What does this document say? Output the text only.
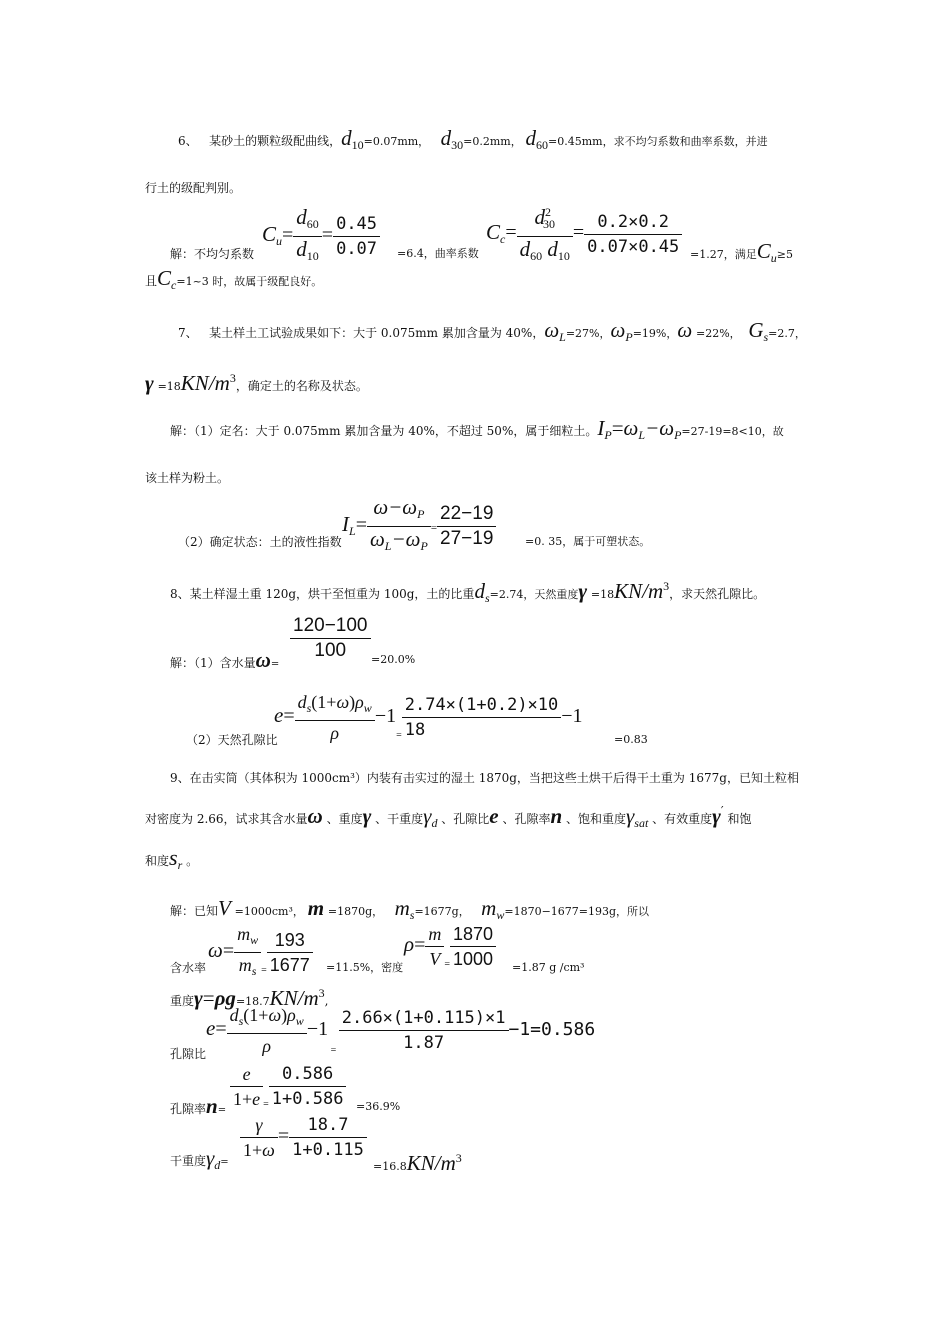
6、 某砂土的颗粒级配曲线，d10=0.07mm， d30=0.2mm， d60=0.45mm，求不均匀系数和曲率系数，并进
行土的级配判别。
解：不均匀系数
$C_u= \frac{d60}{d10} = \frac{0.45}{0.07} =6.4$，曲率系数
$C_c= \frac{d^230}{d60 d10} = \frac{0.2\times 0.2}{0.07\times 0.45} =1.27$，满足$C_u\ge 5$
且$C_c=1\sim 3$ 时，故属于级配良好。
7、 某土样土工试验成果如下：大于 0.075mm 累加含量为 40%，$\omega_L=27\%$，$\omega_P=19\%$，ω =22%， $G_s=2.7$，
$\gamma =18KN/m^3$，确定土的名称及状态。
解：（1）定名：大于 0.075mm 累加含量为 40%，不超过 50%，属于细粒土。$I_P=\omega_L-\omega_P=27-19=8<10$，故
该土样为粉土。
（2）确定状态：土的液性指数
$I_L= \frac{\omega-\omega_P}{\omega_L-\omega_P} = \frac{22-19}{27-19}$	=0. 35，属于可塑状态。
8、某土样湿土重 120g，烘干至恒重为 100g，土的比重$d_s=2.74$，天然重度$\gamma =18KN/m^3$，求天然孔隙比。
$\frac{120-100}{100}$
解：（1）含水量ω=	=20.0%
（2）天然孔隙比
$e= \frac{d_s(1+\omega)\rho_w}{\rho} -1_= \frac{2.74\times(1+0.2)\times 10}{18} -1$
=0.83
9、在击实筒（其体积为 1000cm³）内装有击实过的湿土 1870g，当把这些土烘干后得干土重为 1677g，已知土粒相
对密度为 2.66，试求其含水量ω 、重度γ 、干重度$\gamma_d$ 、孔隙比e 、孔隙率n 、饱和重度$\gamma_{sat}$ 、有效重度γ′ 和饱
和度$s_r$ 。
解：已知V =1000cm³， m =1870g， $m_s=1677g$， $m_w=1870-1677=193g$，所以
含水率
$\omega= \frac{m_w}{m_s} _= \frac{193}{1677} =11.5\%$，密度
$\rho= \frac{m}{V} _= \frac{1870}{1000} =1.87$ g /cm³
重度$\gamma=\rho g=18.7KN/m^3$,
孔隙比
$e= \frac{d_s(1+\omega)\rho_w}{\rho} -1$ $_= \frac{2.66\times(1+0.115)\times 1}{1.87} -1=0.586$
孔隙率$n= \frac{e}{1+e} _= \frac{0.586}{1+0.586} =36.9\%$
干重度$\gamma_d=$
$\frac{\gamma}{1+\omega} = \frac{18.7}{1+0.115}$
$=16.8KN/m^3$
